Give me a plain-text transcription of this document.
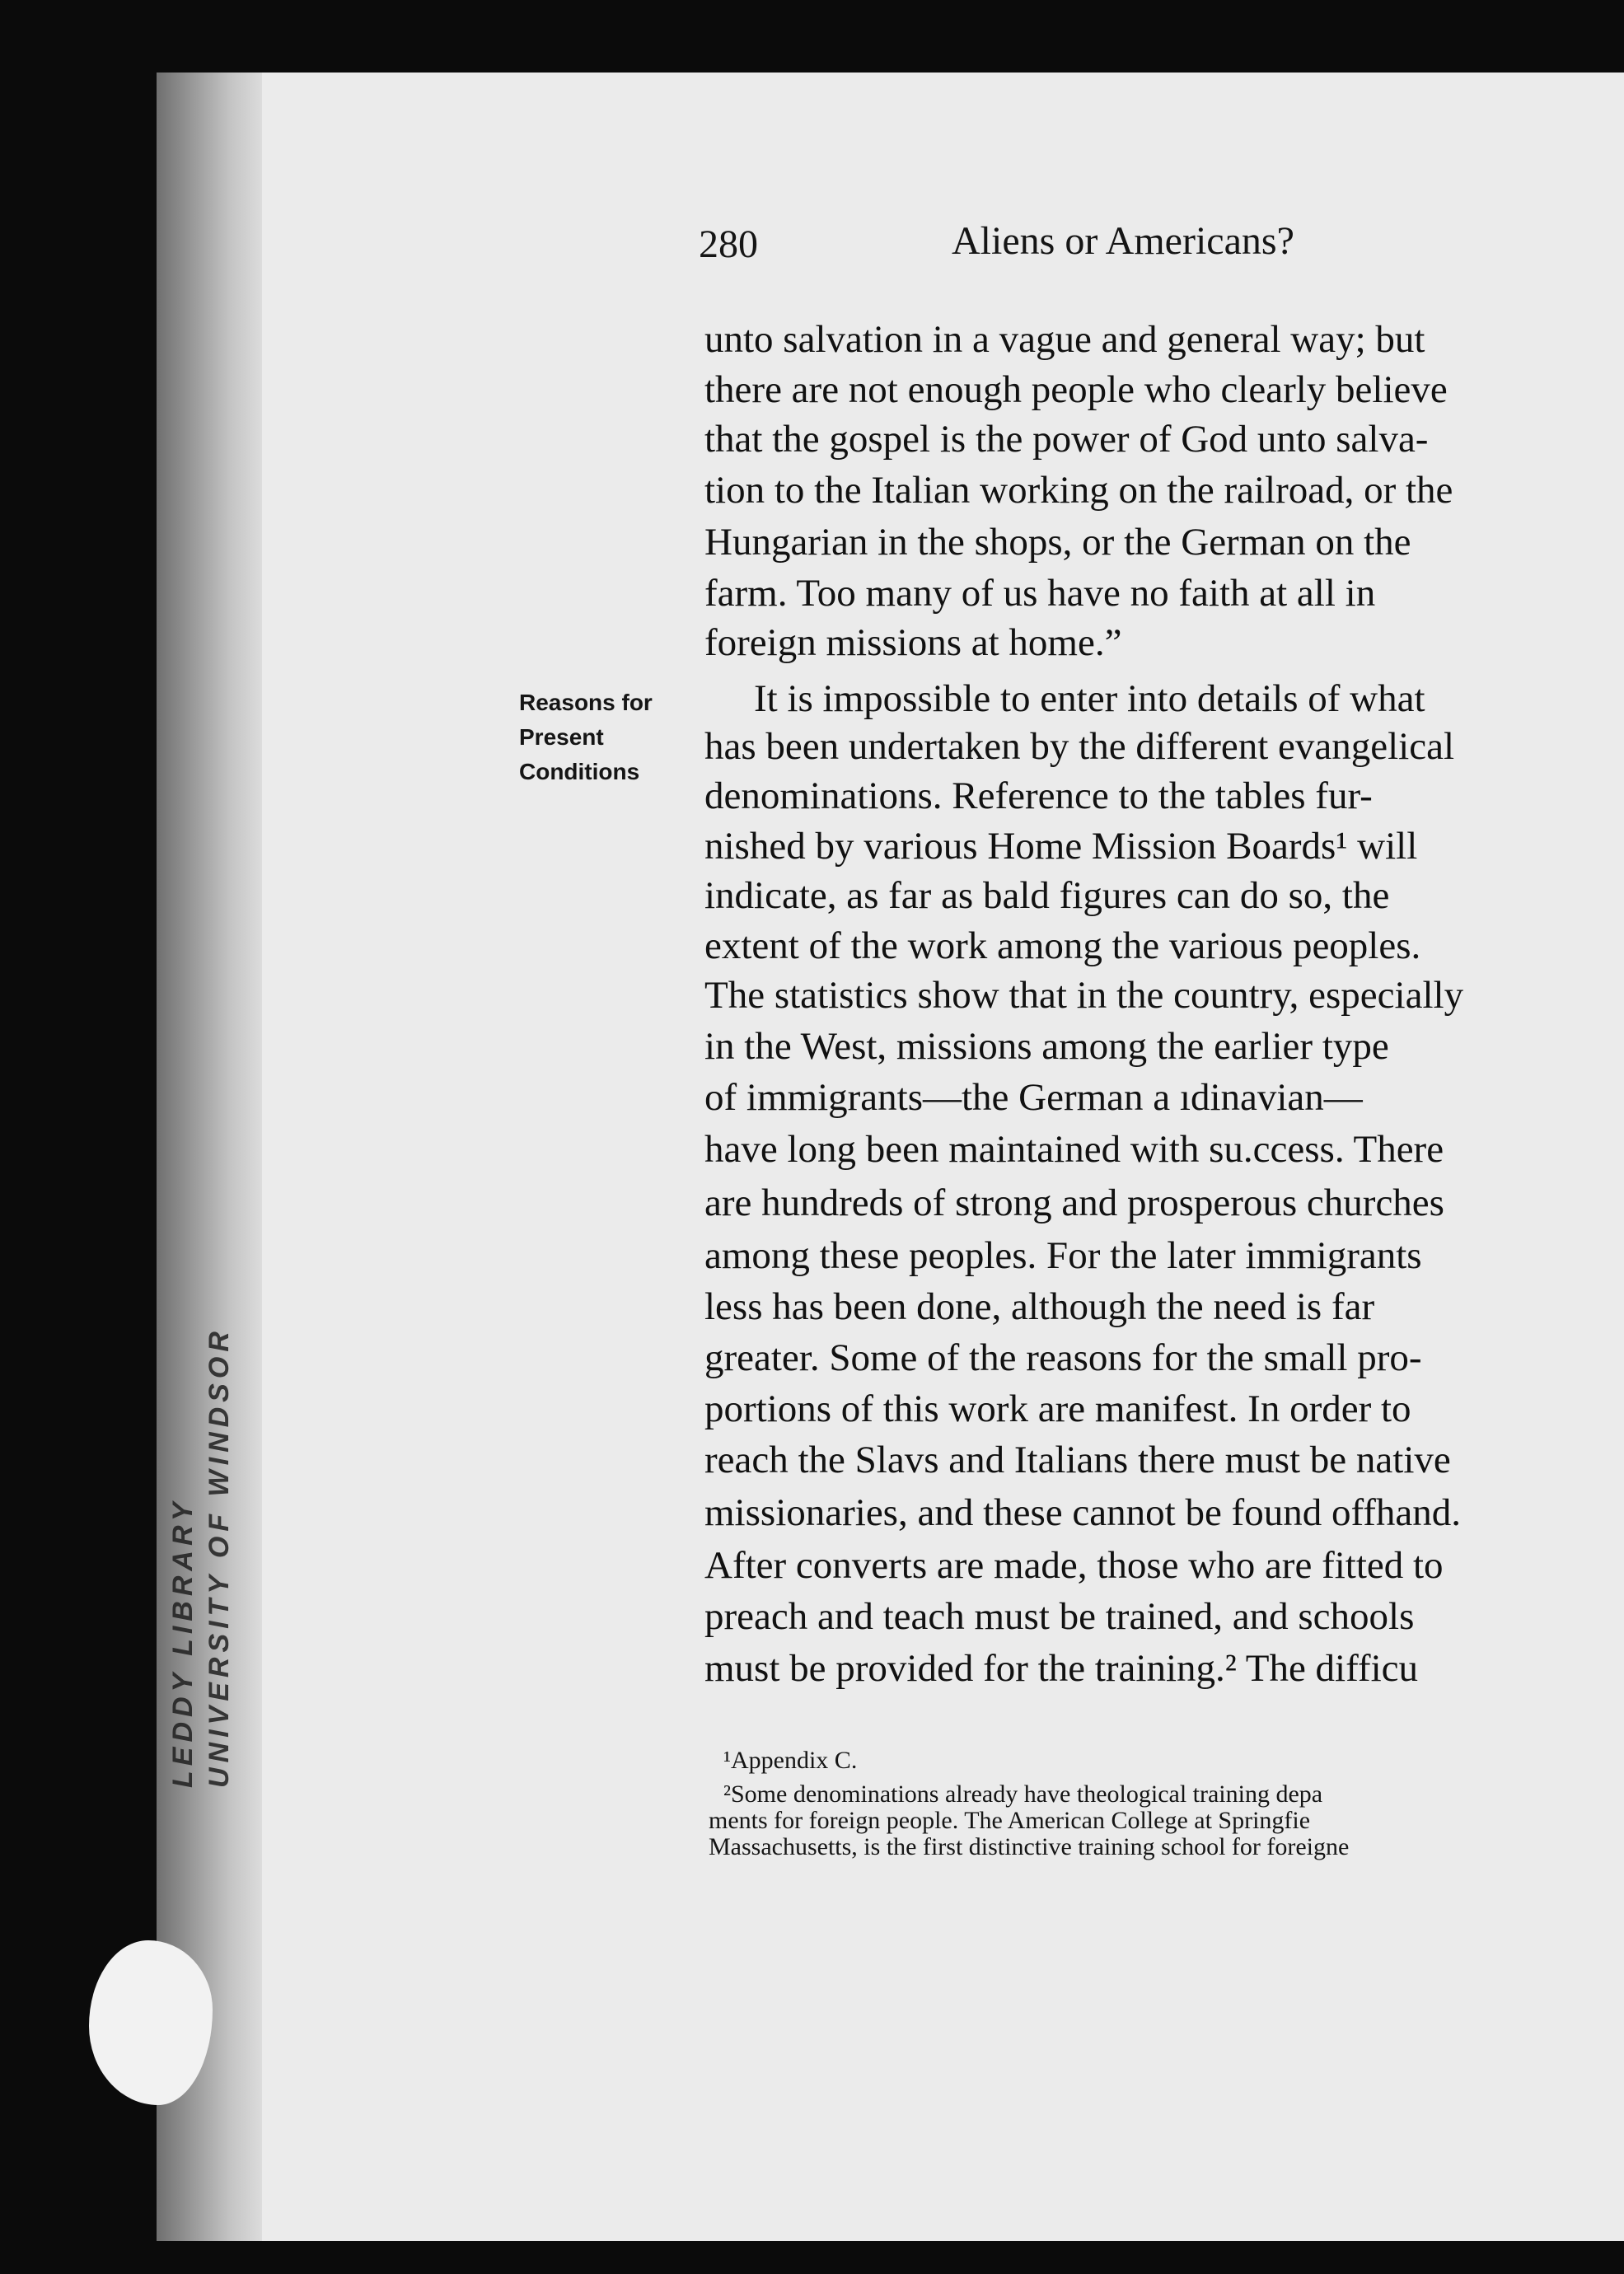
LEDDY LIBRARY UNIVERSITY OF WINDSOR
280	Aliens or Americans?
Reasons for
Present
Conditions
unto salvation in a vague and general way; but
there are not enough people who clearly believe
that the gospel is the power of God unto salva-
tion to the Italian working on the railroad, or the
Hungarian in the shops, or the German on the
farm. Too many of us have no faith at all in
foreign missions at home.”
It is impossible to enter into details of what
has been undertaken by the different evangelical
denominations. Reference to the tables fur-
nished by various Home Mission Boards¹ will
indicate, as far as bald figures can do so, the
extent of the work among the various peoples.
The statistics show that in the country, especially
in the West, missions among the earlier type
of immigrants—the German a ıdinavian—
have long been maintained with su.ccess. There
are hundreds of strong and prosperous churches
among these peoples. For the later immigrants
less has been done, although the need is far
greater. Some of the reasons for the small pro-
portions of this work are manifest. In order to
reach the Slavs and Italians there must be native
missionaries, and these cannot be found offhand.
After converts are made, those who are fitted to
preach and teach must be trained, and schools
must be provided for the training.² The difficu
¹Appendix C.
²Some denominations already have theological training depa
ments for foreign people. The American College at Springfie
Massachusetts, is the first distinctive training school for foreigne
